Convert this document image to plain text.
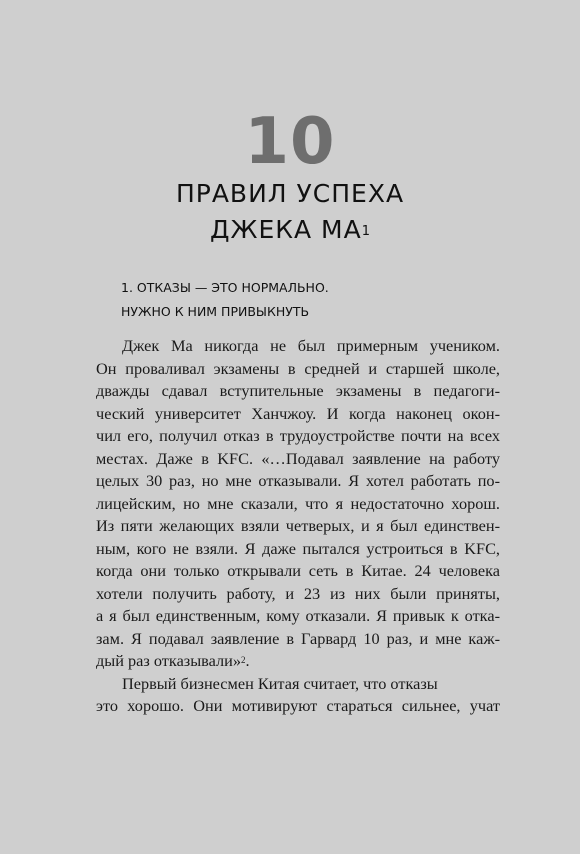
10
ПРАВИЛ УСПЕХА
ДЖЕКА $МА^1$
1. ОТКАЗЫ — ЭТО НОРМАЛЬНО.
НУЖНО К НИМ ПРИВЫКНУТЬ
Джек Ма никогда не был примерным учеником.
Он проваливал экзамены в средней и старшей школе,
дважды сдавал вступительные экзамены в педагоги-
ческий университет Ханчжоу. И когда наконец окон-
чил его, получил отказ в трудоустройстве почти на всех
местах. Даже в KFC. «…Подавал заявление на работу
целых 30 раз, но мне отказывали. Я хотел работать по-
лицейским, но мне сказали, что я недостаточно хорош.
Из пяти желающих взяли четверых, и я был единствен-
ным, кого не взяли. Я даже пытался устроиться в KFC,
когда они только открывали сеть в Китае. 24 человека
хотели получить работу, и 23 из них были приняты,
а я был единственным, кому отказали. Я привык к отка-
зам. Я подавал заявление в Гарвард 10 раз, и мне каж-
дый раз отказывали»$^2$.
Первый бизнесмен Китая считает, что отказы
это хорошо. Они мотивируют стараться сильнее, учат
